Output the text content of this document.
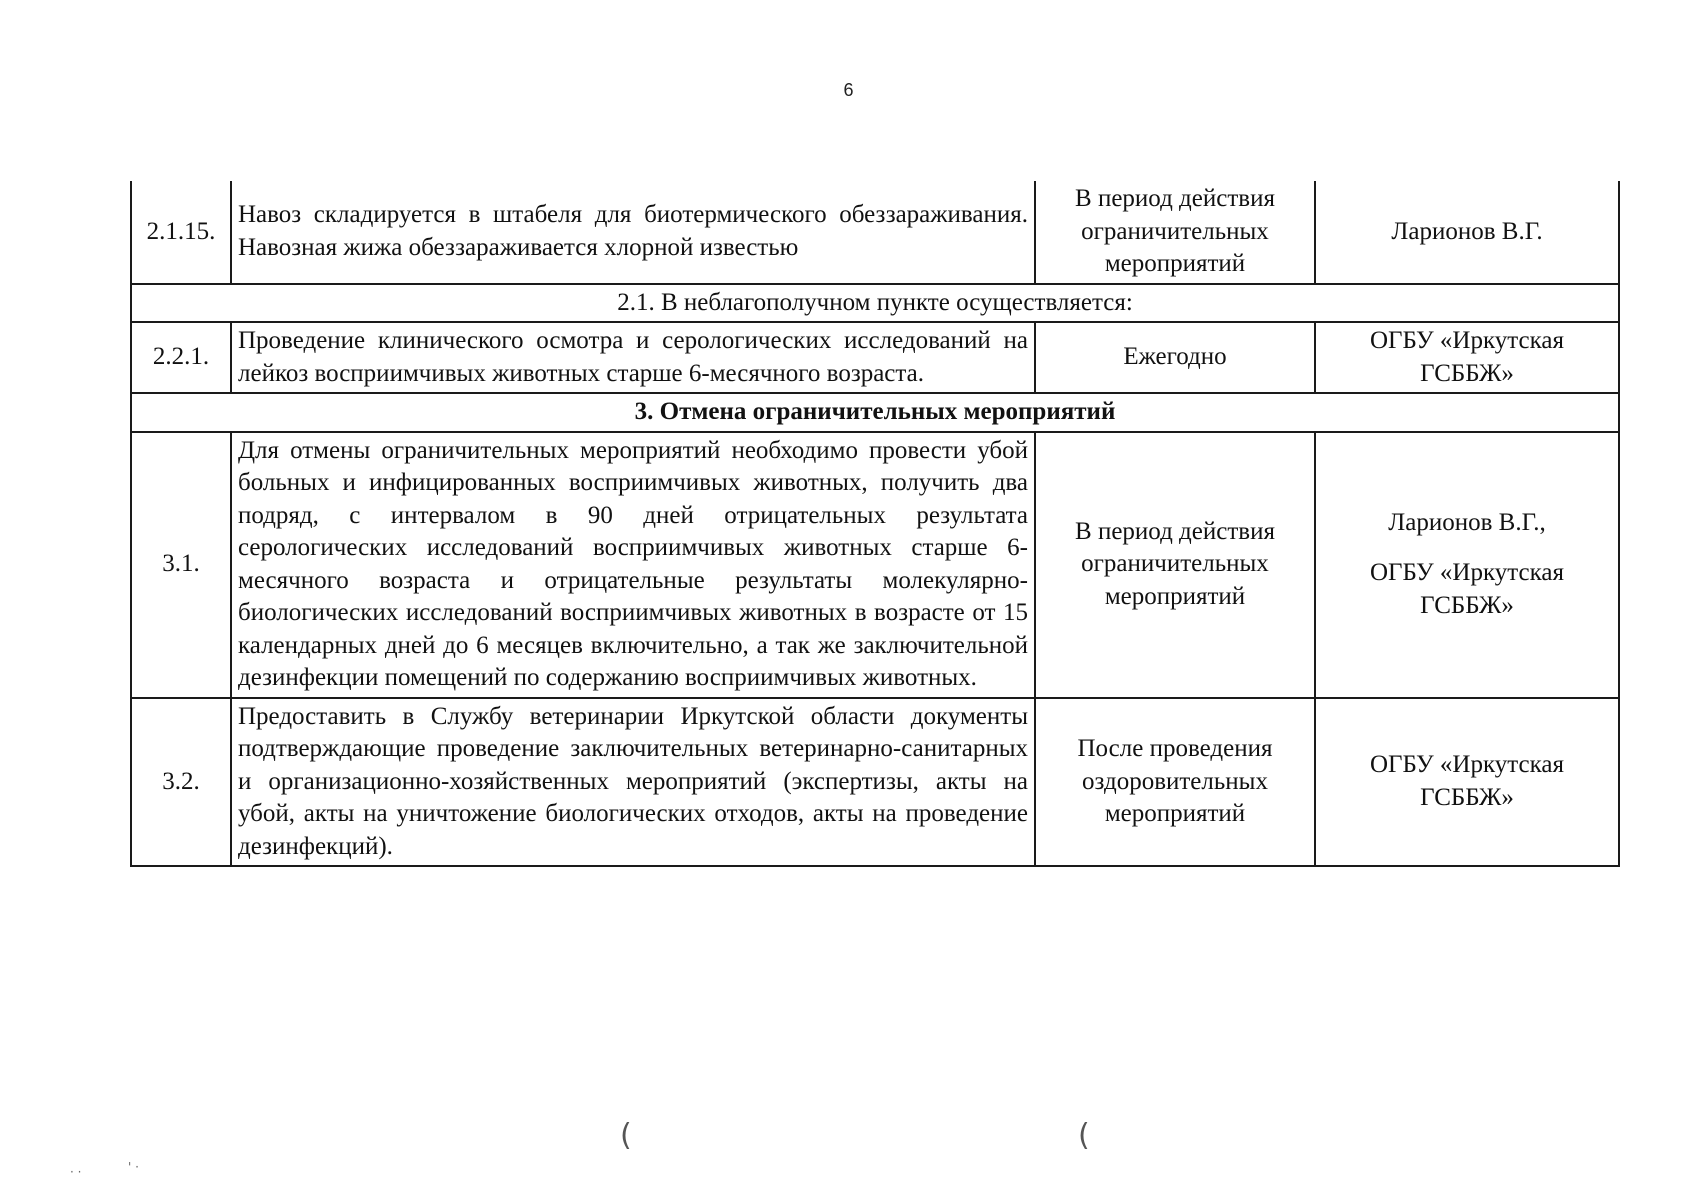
6
2.1.15.	Навоз складируется в штабеля для биотермического обеззараживания. Навозная жижа обеззараживается хлорной известью	В период действия ограничительных мероприятий	Ларионов В.Г.
2.1. В неблагополучном пункте осуществляется:			
2.2.1.	Проведение клинического осмотра и серологических исследований на лейкоз восприимчивых животных старше 6-месячного возраста.	Ежегодно	ОГБУ «Иркутская ГСББЖ»
3. Отмена ограничительных мероприятий			
3.1.	Для отмены ограничительных мероприятий необходимо провести убой больных и инфицированных восприимчивых животных, получить два подряд, с интервалом в 90 дней отрицательных результата серологических исследований восприимчивых животных старше 6-месячного возраста и отрицательные результаты молекулярно-биологических исследований восприимчивых животных в возрасте от 15 календарных дней до 6 месяцев включительно, а так же заключительной дезинфекции помещений по содержанию восприимчивых животных.	В период действия ограничительных мероприятий	Ларионов В.Г.,
ОГБУ «Иркутская ГСББЖ»

3.2.	Предоставить в Службу ветеринарии Иркутской области документы подтверждающие проведение заключительных ветеринарно-санитарных и организационно-хозяйственных мероприятий (экспертизы, акты на убой, акты на уничтожение биологических отходов, акты на проведение дезинфекций).	После проведения оздоровительных мероприятий	ОГБУ «Иркутская ГСББЖ»
(	(
· ·	' ·
